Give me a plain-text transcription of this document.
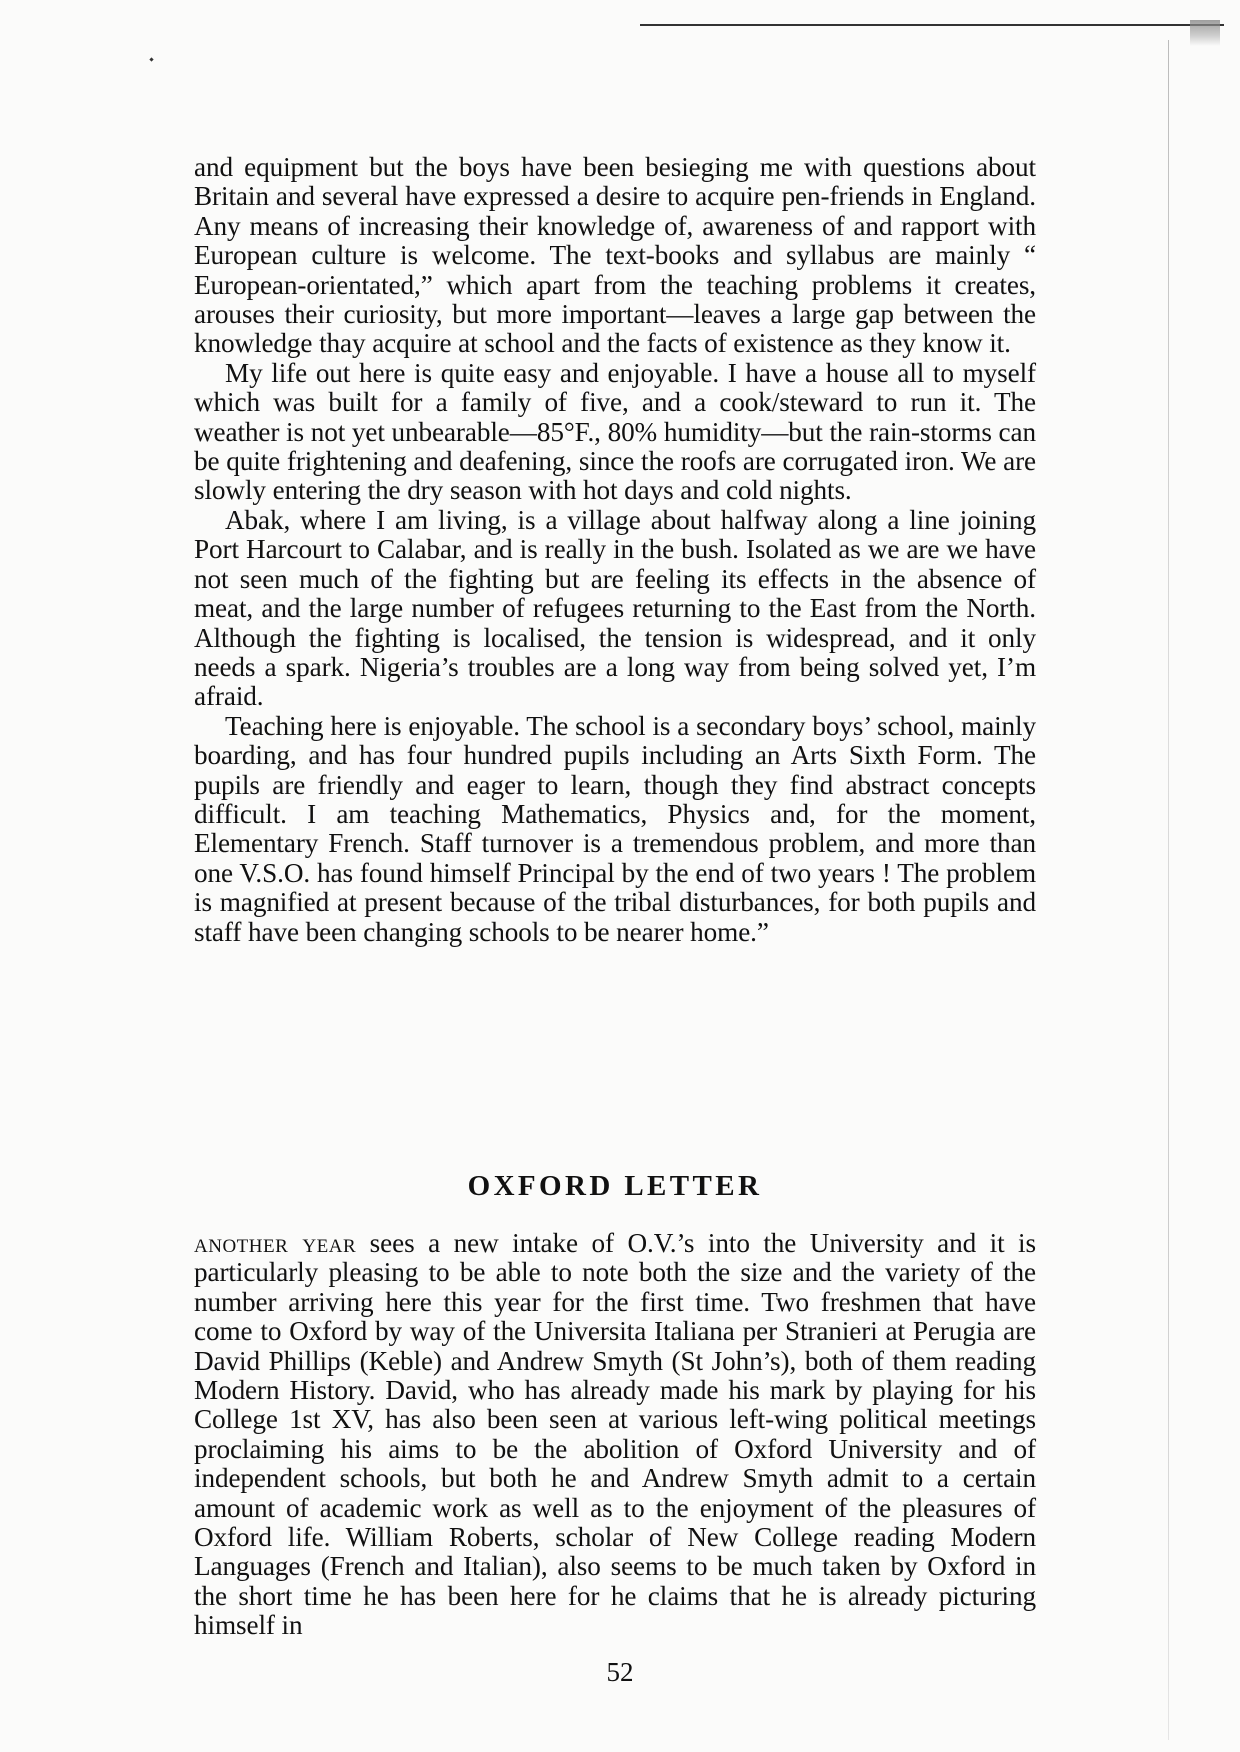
and equipment but the boys have been besieging me with questions about Britain and several have expressed a desire to acquire pen-friends in England. Any means of increasing their knowledge of, awareness of and rapport with European culture is welcome. The text-books and syllabus are mainly “ European-orientated,” which apart from the teaching problems it creates, arouses their curiosity, but more important—leaves a large gap between the knowledge thay acquire at school and the facts of existence as they know it.

My life out here is quite easy and enjoyable. I have a house all to myself which was built for a family of five, and a cook/steward to run it. The weather is not yet unbearable—85°F., 80% humidity—but the rain-storms can be quite frightening and deafening, since the roofs are corrugated iron. We are slowly entering the dry season with hot days and cold nights.

Abak, where I am living, is a village about halfway along a line joining Port Harcourt to Calabar, and is really in the bush. Isolated as we are we have not seen much of the fighting but are feeling its effects in the absence of meat, and the large number of refugees returning to the East from the North. Although the fighting is localised, the tension is widespread, and it only needs a spark. Nigeria’s troubles are a long way from being solved yet, I’m afraid.

Teaching here is enjoyable. The school is a secondary boys’ school, mainly boarding, and has four hundred pupils including an Arts Sixth Form. The pupils are friendly and eager to learn, though they find abstract concepts difficult. I am teaching Mathematics, Physics and, for the moment, Elementary French. Staff turnover is a tremendous problem, and more than one V.S.O. has found himself Principal by the end of two years ! The problem is magnified at present because of the tribal disturbances, for both pupils and staff have been changing schools to be nearer home.”

OXFORD LETTER

another year sees a new intake of O.V.’s into the University and it is particularly pleasing to be able to note both the size and the variety of the number arriving here this year for the first time. Two freshmen that have come to Oxford by way of the Universita Italiana per Stranieri at Perugia are David Phillips (Keble) and Andrew Smyth (St John’s), both of them reading Modern History. David, who has already made his mark by playing for his College 1st XV, has also been seen at various left-wing political meetings proclaiming his aims to be the abolition of Oxford University and of independent schools, but both he and Andrew Smyth admit to a certain amount of academic work as well as to the enjoyment of the pleasures of Oxford life. William Roberts, scholar of New College reading Modern Languages (French and Italian), also seems to be much taken by Oxford in the short time he has been here for he claims that he is already picturing himself in

52
